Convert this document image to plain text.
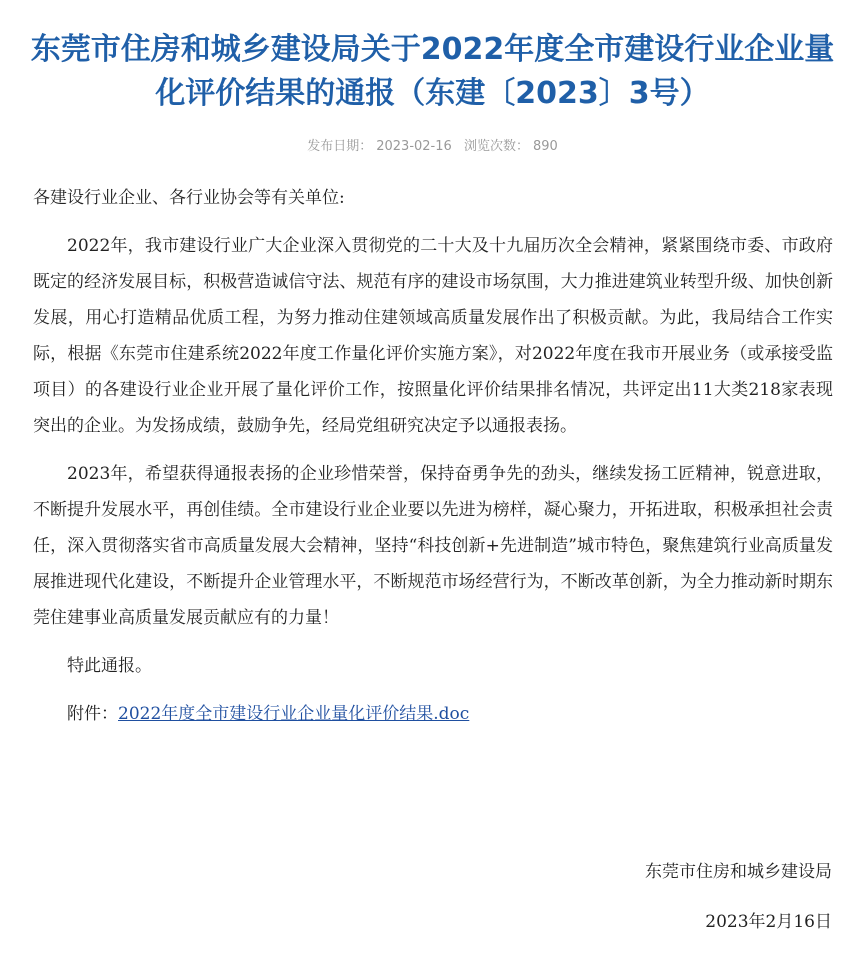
东莞市住房和城乡建设局关于2022年度全市建设行业企业量化评价结果的通报（东建〔2023〕3号）
发布日期： 2023-02-16 浏览次数： 890

各建设行业企业、各行业协会等有关单位:

2022年，我市建设行业广大企业深入贯彻党的二十大及十九届历次全会精神，紧紧围绕市委、市政府既定的经济发展目标，积极营造诚信守法、规范有序的建设市场氛围，大力推进建筑业转型升级、加快创新发展，用心打造精品优质工程，为努力推动住建领域高质量发展作出了积极贡献。为此，我局结合工作实际，根据《东莞市住建系统2022年度工作量化评价实施方案》，对2022年度在我市开展业务（或承接受监项目）的各建设行业企业开展了量化评价工作，按照量化评价结果排名情况，共评定出11大类218家表现突出的企业。为发扬成绩，鼓励争先，经局党组研究决定予以通报表扬。

2023年，希望获得通报表扬的企业珍惜荣誉，保持奋勇争先的劲头，继续发扬工匠精神，锐意进取，不断提升发展水平，再创佳绩。全市建设行业企业要以先进为榜样，凝心聚力，开拓进取，积极承担社会责任，深入贯彻落实省市高质量发展大会精神，坚持“科技创新+先进制造”城市特色，聚焦建筑行业高质量发展推进现代化建设，不断提升企业管理水平，不断规范市场经营行为，不断改革创新，为全力推动新时期东莞住建事业高质量发展贡献应有的力量！

特此通报。

附件：2022年度全市建设行业企业量化评价结果.doc

东莞市住房和城乡建设局
2023年2月16日
